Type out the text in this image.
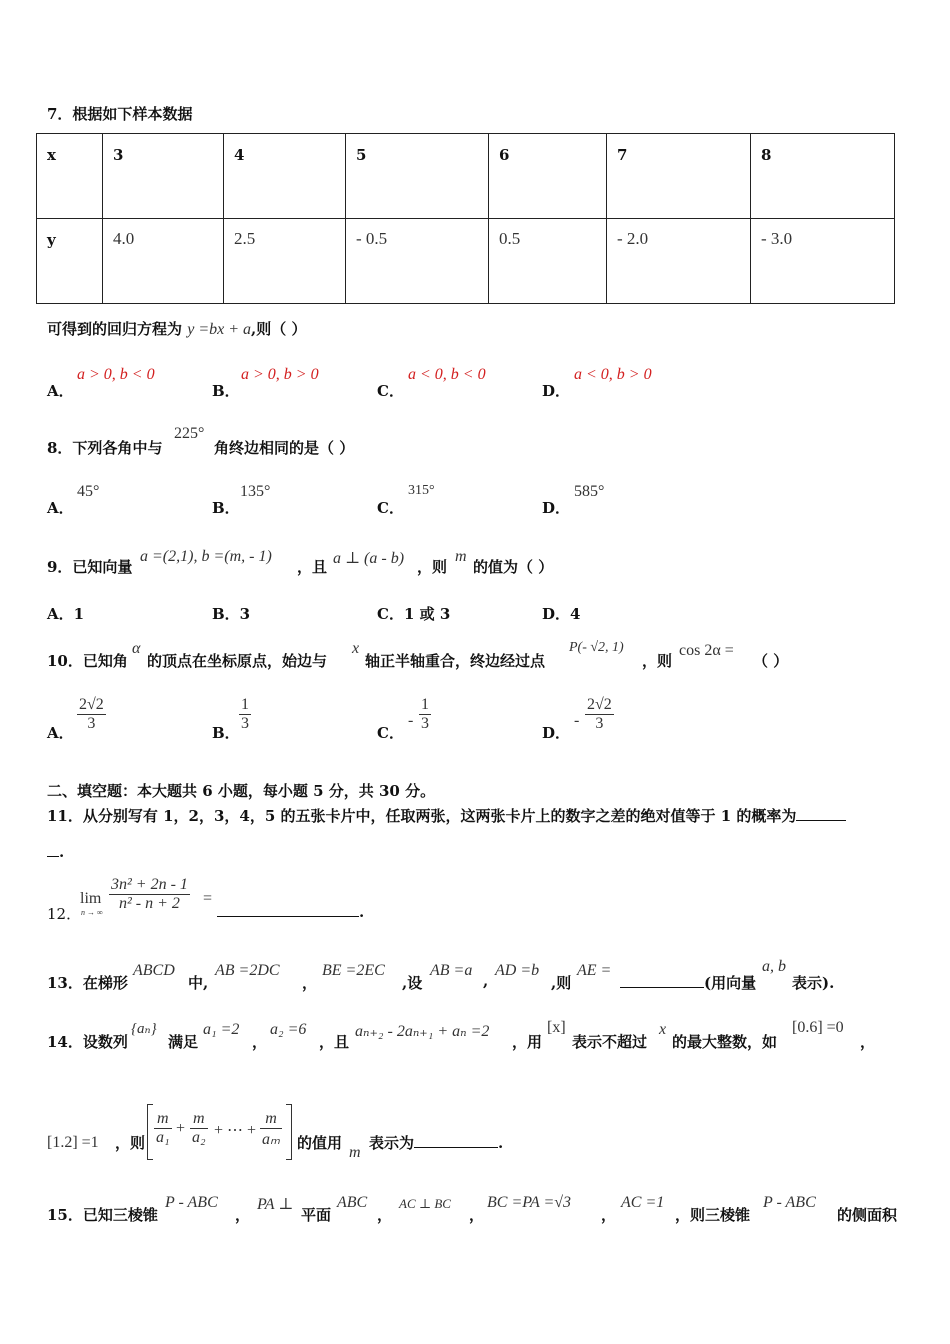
7．根据如下样本数据
x	3	4	5	6	7	8
y	4.0	2.5	- 0.5	0.5	- 2.0	- 3.0
可得到的回归方程为 y =bx + a,则（ ）
A．
a > 0, b < 0
B．
a > 0, b > 0
C．
a < 0, b < 0
D．
a < 0, b > 0
8．下列各角中与
225°
角终边相同的是（ ）
A．
45°
B．
135°
C．
315°
D．
585°
9．已知向量
a =(2,1), b =(m, - 1)
，且 a ⊥ (a - b) ，则
m
的值为（ ）
A．1	B．3	C．1 或 3	D．4
10．已知角
α
的顶点在坐标原点，始边与
x
轴正半轴重合，终边经过点
P(- √2, 1)
，则
cos 2α =
（ ）
A． $\frac{2√2}{3}$	B． $\frac{1}{3}$	C．
- $\frac{1}{3}$	D．
- $\frac{2√2}{3}$
二、填空题：本大题共 6 小题，每小题 5 分，共 30 分。
11．从分别写有 1，2，3，4，5 的五张卡片中，任取两张，这两张卡片上的数字之差的绝对值等于 1 的概率为
.
12．
lim
n → ∞ $\frac{\text{3n² + 2n - 1}}{\text{n² - n + 2}}$ =
.
13．在梯形
ABCD
中,
AB =2DC
，
BE =2EC
,设
AB =a
,
AD =b
,则
AE =
(用向量
a, b
表示).
14．设数列
{aₙ}
满足
a₁ =2
，
a₂ =6
，且
aₙ₊₂ - 2aₙ₊₁ + aₙ =2
，用
[x]
表示不超过
x
的最大整数，如
[0.6] =0
，
[1.2] =1 ，则 $\frac{m}{\text{a₁}} + \frac{m}{\text{a₂}}$ + ⋯ + $\frac{m}{\text{aₘ}}$ 的值用
m
表示为	.
15．已知三棱锥
P - ABC
，
PA ⊥
平面
ABC
，
AC ⊥ BC
，
BC =PA =√3
，
AC =1
，则三棱锥
P - ABC
的侧面积
